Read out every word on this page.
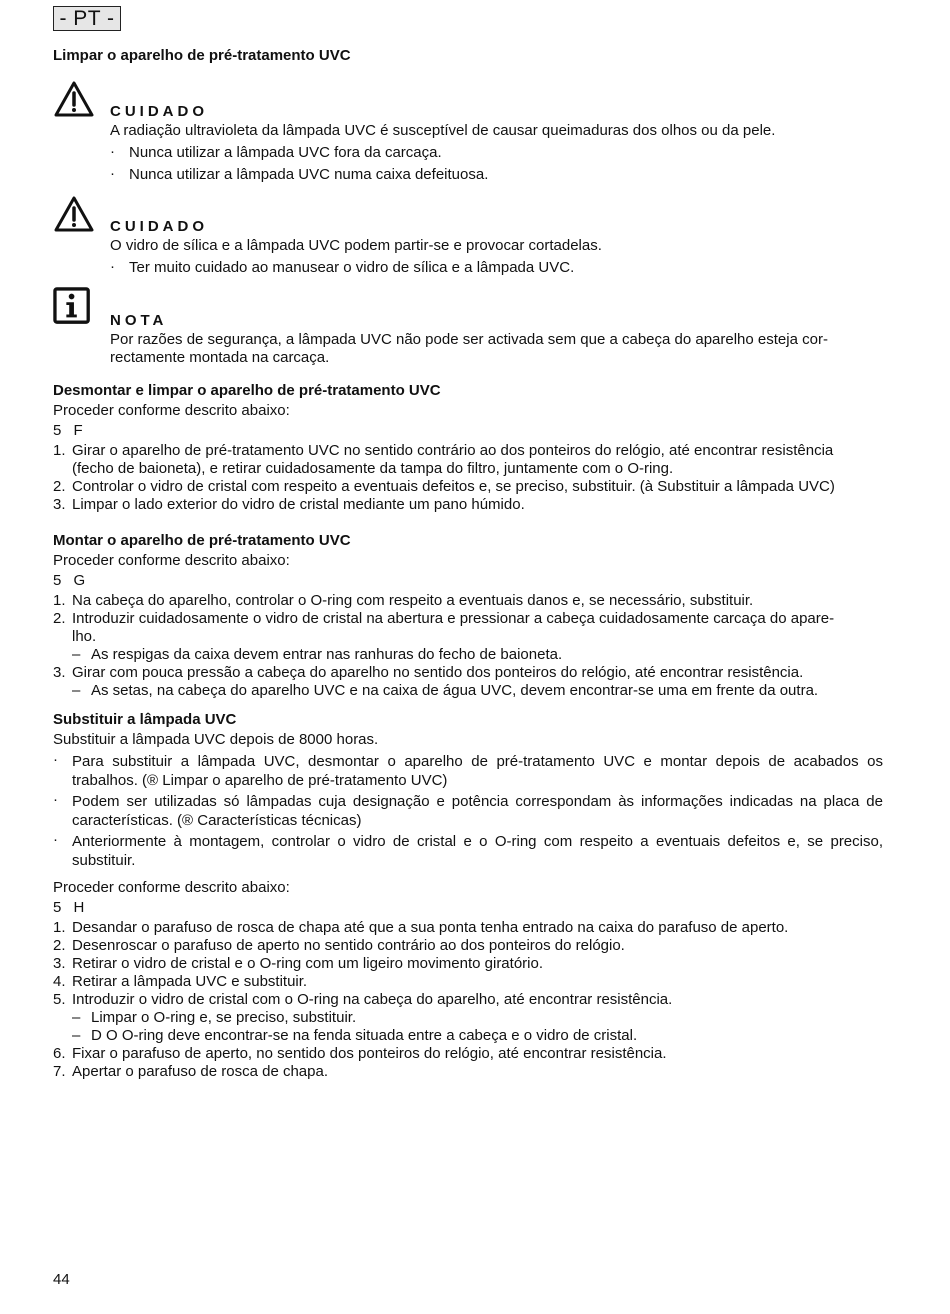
- PT -
Limpar o aparelho de pré-tratamento UVC
CUIDADO

A radiação ultravioleta da lâmpada UVC é susceptível de causar queimaduras dos olhos ou da pele.

· Nunca utilizar a lâmpada UVC fora da carcaça.
· Nunca utilizar a lâmpada UVC numa caixa defeituosa.
CUIDADO

O vidro de sílica e a lâmpada UVC podem partir-se e provocar cortadelas.

· Ter muito cuidado ao manusear o vidro de sílica e a lâmpada UVC.
NOTA

Por razões de segurança, a lâmpada UVC não pode ser activada sem que a cabeça do aparelho esteja cor-

rectamente montada na carcaça.

Desmontar e limpar o aparelho de pré-tratamento UVC
Proceder conforme descrito abaixo:
5 F
1. Girar o aparelho de pré-tratamento UVC no sentido contrário ao dos ponteiros do relógio, até encontrar resistência
(fecho de baioneta), e retirar cuidadosamente da tampa do filtro, juntamente com o O-ring.
2. Controlar o vidro de cristal com respeito a eventuais defeitos e, se preciso, substituir. (à Substituir a lâmpada UVC)
3. Limpar o lado exterior do vidro de cristal mediante um pano húmido.
Montar o aparelho de pré-tratamento UVC
Proceder conforme descrito abaixo:
5 G
1. Na cabeça do aparelho, controlar o O-ring com respeito a eventuais danos e, se necessário, substituir.
2. Introduzir cuidadosamente o vidro de cristal na abertura e pressionar a cabeça cuidadosamente carcaça do apare-
lho.
– As respigas da caixa devem entrar nas ranhuras do fecho de baioneta.
3. Girar com pouca pressão a cabeça do aparelho no sentido dos ponteiros do relógio, até encontrar resistência.
– As setas, na cabeça do aparelho UVC e na caixa de água UVC, devem encontrar-se uma em frente da outra.
Substituir a lâmpada UVC
Substituir a lâmpada UVC depois de 8000 horas.
· Para substituir a lâmpada UVC, desmontar o aparelho de pré-tratamento UVC e montar depois de acabados os trabalhos. (® Limpar o aparelho de pré-tratamento UVC)
· Podem ser utilizadas só lâmpadas cuja designação e potência correspondam às informações indicadas na placa de características. (® Características técnicas)
· Anteriormente à montagem, controlar o vidro de cristal e o O-ring com respeito a eventuais defeitos e, se preciso, substituir.
Proceder conforme descrito abaixo:
5 H
1. Desandar o parafuso de rosca de chapa até que a sua ponta tenha entrado na caixa do parafuso de aperto.
2. Desenroscar o parafuso de aperto no sentido contrário ao dos ponteiros do relógio.
3. Retirar o vidro de cristal e o O-ring com um ligeiro movimento giratório.
4. Retirar a lâmpada UVC e substituir.
5. Introduzir o vidro de cristal com o O-ring na cabeça do aparelho, até encontrar resistência.
– Limpar o O-ring e, se preciso, substituir.
– D O O-ring deve encontrar-se na fenda situada entre a cabeça e o vidro de cristal.
6. Fixar o parafuso de aperto, no sentido dos ponteiros do relógio, até encontrar resistência.
7. Apertar o parafuso de rosca de chapa.
44
